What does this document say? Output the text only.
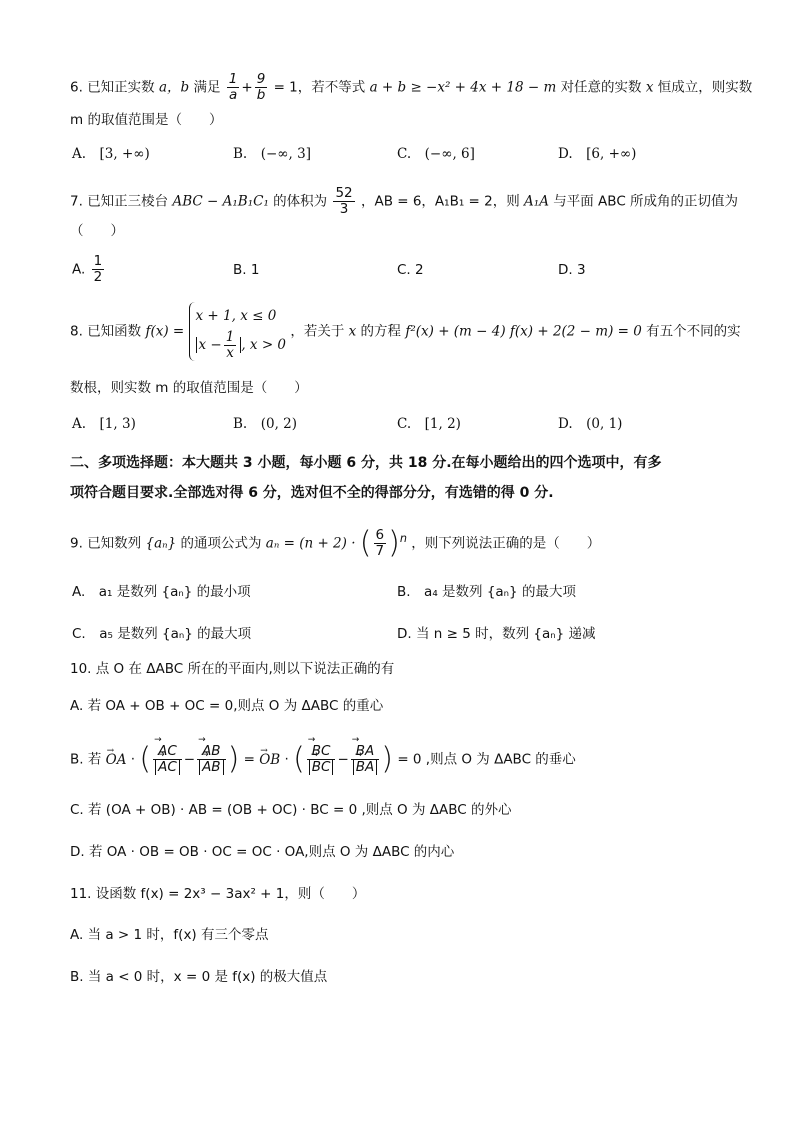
6. 已知正实数 a，b 满足 $\frac{1}{a} + \frac{9}{b} = 1$，若不等式 a + b ≥ −x² + 4x + 18 − m 对任意的实数 x 恒成立，则实数
m 的取值范围是（　　）
A.　[3, +∞)	B.　(−∞, 3]	C.　(−∞, 6]	D.　[6, +∞)
7. 已知正三棱台 ABC − A₁B₁C₁ 的体积为 $\frac{52}{3}$ ，AB = 6，A₁B₁ = 2，则 A₁A 与平面 ABC 所成角的正切值为
（　　）
A. $\frac{1}{2}$	B. 1	C. 2	D. 3
8. 已知函数 f(x) =
x + 1, x ≤ 0
$x - \frac{1}{x}$ , x > 0
，若关于 x 的方程 f²(x) + (m − 4) f(x) + 2(2 − m) = 0 有五个不同的实
数根，则实数 m 的取值范围是（　　）
A.　[1, 3)	B.　(0, 2)	C.　[1, 2)	D.　(0, 1)
二、多项选择题：本大题共 3 小题，每小题 6 分，共 18 分.在每小题给出的四个选项中，有多
项符合题目要求.全部选对得 6 分，选对但不全的得部分分，有选错的得 0 分.
9. 已知数列 {aₙ} 的通项公式为 aₙ = (n + 2) · ( $\frac{6}{7} )^n$ ，则下列说法正确的是（　　）
A.　a₁ 是数列 {aₙ} 的最小项	B.　a₄ 是数列 {aₙ} 的最大项
C.　a₅ 是数列 {aₙ} 的最大项	D. 当 n ≥ 5 时，数列 {aₙ} 递减
10. 点 O 在 ΔABC 所在的平面内,则以下说法正确的有
A. 若 OA + OB + OC = 0,则点 O 为 ΔABC 的重心
B. 若 → OA · ( → AC
→ AC − → AB
→ AB ) = → OB · ( → BC
→ BC − → BA
→ BA ) = 0 ,则点 O 为 ΔABC 的垂心
C. 若 (OA + OB) · AB = (OB + OC) · BC = 0 ,则点 O 为 ΔABC 的外心
D. 若 OA · OB = OB · OC = OC · OA,则点 O 为 ΔABC 的内心
11. 设函数 f(x) = 2x³ − 3ax² + 1，则（　　）
A. 当 a > 1 时，f(x) 有三个零点
B. 当 a < 0 时，x = 0 是 f(x) 的极大值点
